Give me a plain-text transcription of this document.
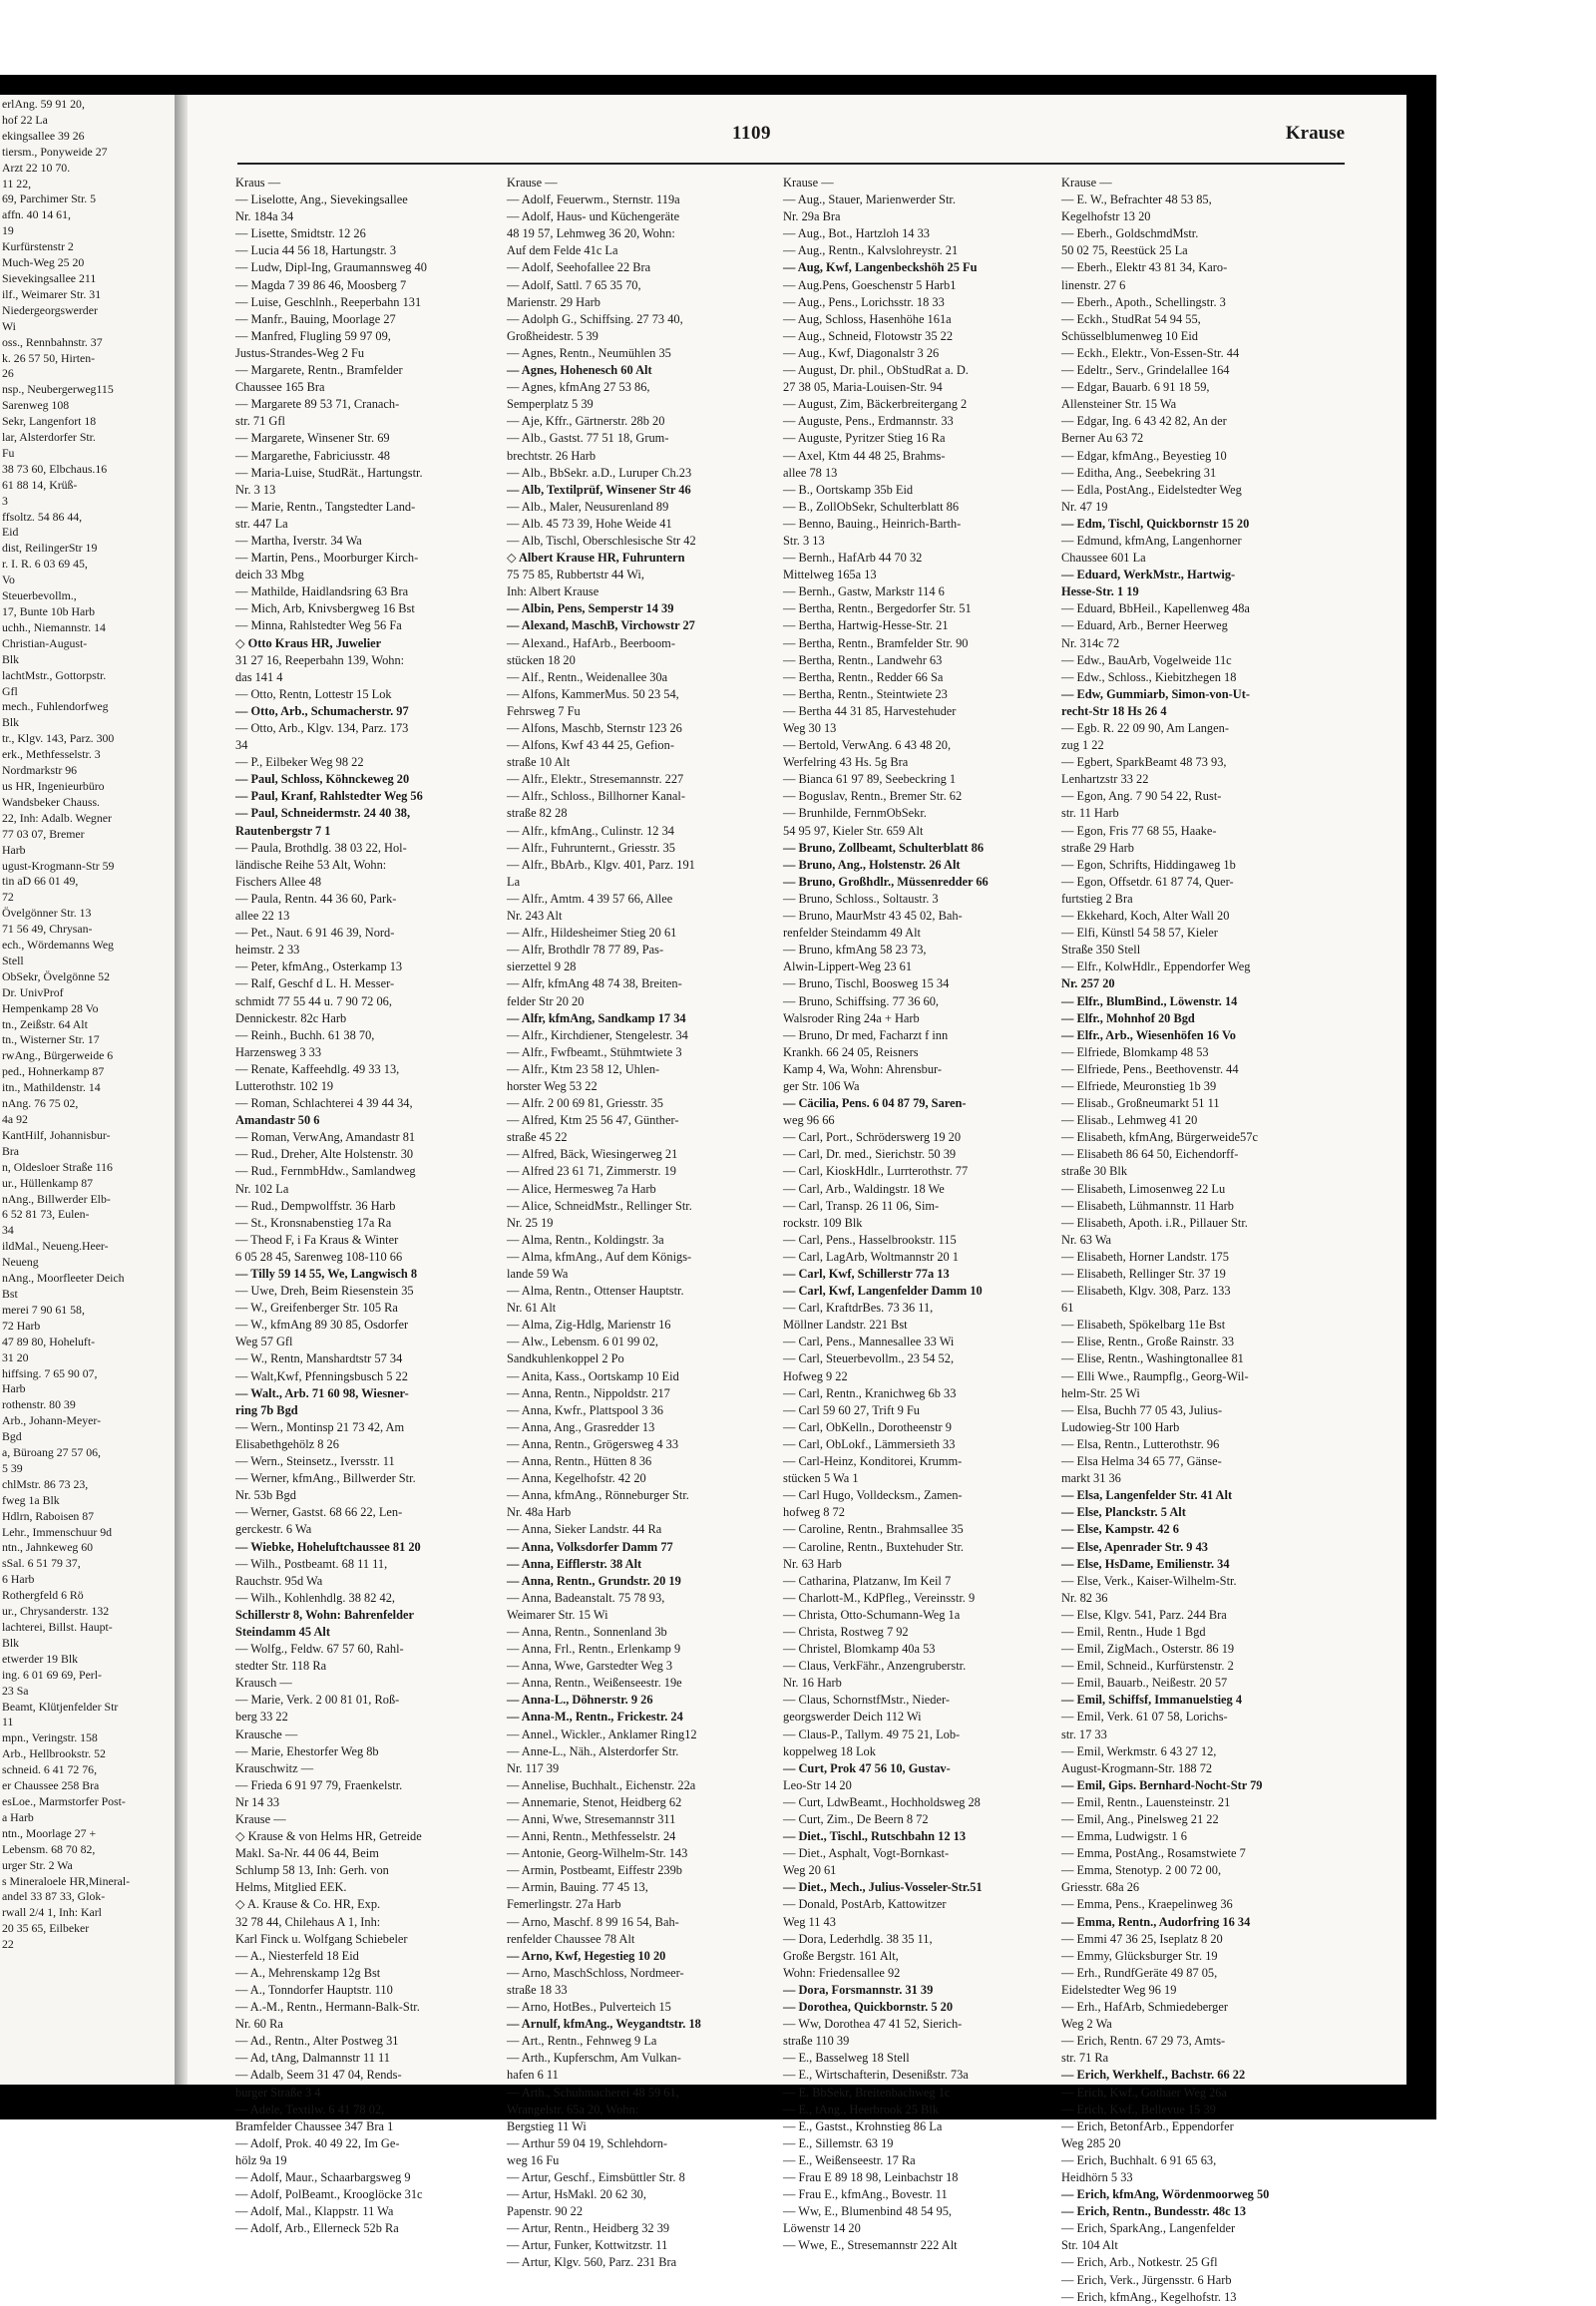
erlAng. 59 91 20,
hof 22 La
ekingsallee 39 26
tiersm., Ponyweide 27
Arzt 22 10 70.
11 22,
69, Parchimer Str. 5
affn. 40 14 61,
19
Kurfürstenstr 2
Much-Weg 25 20
Sievekingsallee 211
ilf., Weimarer Str. 31
Niedergeorgswerder
Wi
oss., Rennbahnstr. 37
k. 26 57 50, Hirten-
26
nsp., Neubergerweg115
Sarenweg 108
Sekr, Langenfort 18
lar, Alsterdorfer Str.
Fu
38 73 60, Elbchaus.16
61 88 14, Krüß-
3
ffsoltz. 54 86 44,
Eid
dist, ReilingerStr 19
r. I. R. 6 03 69 45,
Vo
Steuerbevollm.,
17, Bunte 10b Harb
uchh., Niemannstr. 14
Christian-August-
Blk
lachtMstr., Gottorpstr.
Gfl
mech., Fuhlendorfweg
Blk
tr., Klgv. 143, Parz. 300
erk., Methfesselstr. 3
Nordmarkstr 96
us HR, Ingenieurbüro
Wandsbeker Chauss.
22, Inh: Adalb. Wegner
77 03 07, Bremer
Harb
ugust-Krogmann-Str 59
tin aD 66 01 49,
72
Övelgönner Str. 13
71 56 49, Chrysan-
ech., Wördemanns Weg
Stell
ObSekr, Övelgönne 52
Dr. UnivProf
Hempenkamp 28 Vo
tn., Zeißstr. 64 Alt
tn., Wisterner Str. 17
rwAng., Bürgerweide 6
ped., Hohnerkamp 87
itn., Mathildenstr. 14
nAng. 76 75 02,
4a 92
KantHilf, Johannisbur-
Bra
n, Oldesloer Straße 116
ur., Hüllenkamp 87
nAng., Billwerder Elb-
6 52 81 73, Eulen-
34
ildMal., Neueng.Heer-
Neueng
nAng., Moorfleeter Deich
Bst
merei 7 90 61 58,
72 Harb
47 89 80, Hoheluft-
31 20
hiffsing. 7 65 90 07,
Harb
rothenstr. 80 39
Arb., Johann-Meyer-
Bgd
a, Büroang 27 57 06,
5 39
chlMstr. 86 73 23,
fweg 1a Blk
Hdlrn, Raboisen 87
Lehr., Immenschuur 9d
ntn., Jahnkeweg 60
sSal. 6 51 79 37,
6 Harb
Rothergfeld 6 Rö
ur., Chrysanderstr. 132
lachterei, Billst. Haupt-
Blk
etwerder 19 Blk
ing. 6 01 69 69, Perl-
23 Sa
Beamt, Klütjenfelder Str
11
mpn., Veringstr. 158
Arb., Hellbrookstr. 52
schneid. 6 41 72 76,
er Chaussee 258 Bra
esLoe., Marmstorfer Post-
a Harb
ntn., Moorlage 27 +
Lebensm. 68 70 82,
urger Str. 2 Wa
s Mineraloele HR,Mineral-
andel 33 87 33, Glok-
rwall 2/4 1, Inh: Karl
20 35 65, Eilbeker
22
1109	Krause
Kraus —
— Liselotte, Ang., Sievekingsallee
Nr. 184a 34
— Lisette, Smidtstr. 12 26
— Lucia 44 56 18, Hartungstr. 3
— Ludw, Dipl-Ing, Graumannsweg 40
— Magda 7 39 86 46, Moosberg 7
— Luise, Geschlnh., Reeperbahn 131
— Manfr., Bauing, Moorlage 27
— Manfred, Flugling 59 97 09,
Justus-Strandes-Weg 2 Fu
— Margarete, Rentn., Bramfelder
Chaussee 165 Bra
— Margarete 89 53 71, Cranach-
str. 71 Gfl
— Margarete, Winsener Str. 69
— Margarethe, Fabriciusstr. 48
— Maria-Luise, StudRät., Hartungstr.
Nr. 3 13
— Marie, Rentn., Tangstedter Land-
str. 447 La
— Martha, Iverstr. 34 Wa
— Martin, Pens., Moorburger Kirch-
deich 33 Mbg
— Mathilde, Haidlandsring 63 Bra
— Mich, Arb, Knivsbergweg 16 Bst
— Minna, Rahlstedter Weg 56 Fa
◇ Otto Kraus HR, Juwelier
31 27 16, Reeperbahn 139, Wohn:
das 141 4
— Otto, Rentn, Lottestr 15 Lok
— Otto, Arb., Schumacherstr. 97
— Otto, Arb., Klgv. 134, Parz. 173
34
— P., Eilbeker Weg 98 22
— Paul, Schloss, Köhnckeweg 20
— Paul, Kranf, Rahlstedter Weg 56
— Paul, Schneidermstr. 24 40 38,
Rautenbergstr 7 1
— Paula, Brothdlg. 38 03 22, Hol-
ländische Reihe 53 Alt, Wohn:
Fischers Allee 48
— Paula, Rentn. 44 36 60, Park-
allee 22 13
— Pet., Naut. 6 91 46 39, Nord-
heimstr. 2 33
— Peter, kfmAng., Osterkamp 13
— Ralf, Geschf d L. H. Messer-
schmidt 77 55 44 u. 7 90 72 06,
Dennickestr. 82c Harb
— Reinh., Buchh. 61 38 70,
Harzensweg 3 33
— Renate, Kaffeehdlg. 49 33 13,
Lutterothstr. 102 19
— Roman, Schlachterei 4 39 44 34,
Amandastr 50 6
— Roman, VerwAng, Amandastr 81
— Rud., Dreher, Alte Holstenstr. 30
— Rud., FernmbHdw., Samlandweg
Nr. 102 La
— Rud., Dempwolffstr. 36 Harb
— St., Kronsnabenstieg 17a Ra
— Theod F, i Fa Kraus & Winter
6 05 28 45, Sarenweg 108-110 66
— Tilly 59 14 55, We, Langwisch 8
— Uwe, Dreh, Beim Riesenstein 35
— W., Greifenberger Str. 105 Ra
— W., kfmAng 89 30 85, Osdorfer
Weg 57 Gfl
— W., Rentn, Manshardtstr 57 34
— Walt,Kwf, Pfenningsbusch 5 22
— Walt., Arb. 71 60 98, Wiesner-
ring 7b Bgd
— Wern., Montinsp 21 73 42, Am
Elisabethgehölz 8 26
— Wern., Steinsetz., Iversstr. 11
— Werner, kfmAng., Billwerder Str.
Nr. 53b Bgd
— Werner, Gastst. 68 66 22, Len-
gerckestr. 6 Wa
— Wiebke, Hoheluftchaussee 81 20
— Wilh., Postbeamt. 68 11 11,
Rauchstr. 95d Wa
— Wilh., Kohlenhdlg. 38 82 42,
Schillerstr 8, Wohn: Bahrenfelder
Steindamm 45 Alt
— Wolfg., Feldw. 67 57 60, Rahl-
stedter Str. 118 Ra
Krausch —
— Marie, Verk. 2 00 81 01, Roß-
berg 33 22
Krausche —
— Marie, Ehestorfer Weg 8b
Krauschwitz —
— Frieda 6 91 97 79, Fraenkelstr.
Nr 14 33
Krause —
◇ Krause & von Helms HR, Getreide
Makl. Sa-Nr. 44 06 44, Beim
Schlump 58 13, Inh: Gerh. von
Helms, Mitglied EEK.
◇ A. Krause & Co. HR, Exp.
32 78 44, Chilehaus A 1, Inh:
Karl Finck u. Wolfgang Schiebeler
— A., Niesterfeld 18 Eid
— A., Mehrenskamp 12g Bst
— A., Tonndorfer Hauptstr. 110
— A.-M., Rentn., Hermann-Balk-Str.
Nr. 60 Ra
— Ad., Rentn., Alter Postweg 31
— Ad, tAng, Dalmannstr 11 11
— Adalb, Seem 31 47 04, Rends-
burger Straße 3 4
— Adele, Textilw. 6 41 78 02,
Bramfelder Chaussee 347 Bra 1
— Adolf, Prok. 40 49 22, Im Ge-
hölz 9a 19
— Adolf, Maur., Schaarbargsweg 9
— Adolf, PolBeamt., Krooglöcke 31c
— Adolf, Mal., Klappstr. 11 Wa
— Adolf, Arb., Ellerneck 52b Ra
Krause —
— Adolf, Feuerwm., Sternstr. 119a
— Adolf, Haus- und Küchengeräte
48 19 57, Lehmweg 36 20, Wohn:
Auf dem Felde 41c La
— Adolf, Seehofallee 22 Bra
— Adolf, Sattl. 7 65 35 70,
Marienstr. 29 Harb
— Adolph G., Schiffsing. 27 73 40,
Großheidestr. 5 39
— Agnes, Rentn., Neumühlen 35
— Agnes, Hohenesch 60 Alt
— Agnes, kfmAng 27 53 86,
Semperplatz 5 39
— Aje, Kffr., Gärtnerstr. 28b 20
— Alb., Gastst. 77 51 18, Grum-
brechtstr. 26 Harb
— Alb., BbSekr. a.D., Luruper Ch.23
— Alb, Textilprüf, Winsener Str 46
— Alb., Maler, Neusurenland 89
— Alb. 45 73 39, Hohe Weide 41
— Alb, Tischl, Oberschlesische Str 42
◇ Albert Krause HR, Fuhruntern
75 75 85, Rubbertstr 44 Wi,
Inh: Albert Krause
— Albin, Pens, Semperstr 14 39
— Alexand, MaschB, Virchowstr 27
— Alexand., HafArb., Beerboom-
stücken 18 20
— Alf., Rentn., Weidenallee 30a
— Alfons, KammerMus. 50 23 54,
Fehrsweg 7 Fu
— Alfons, Maschb, Sternstr 123 26
— Alfons, Kwf 43 44 25, Gefion-
straße 10 Alt
— Alfr., Elektr., Stresemannstr. 227
— Alfr., Schloss., Billhorner Kanal-
straße 82 28
— Alfr., kfmAng., Culinstr. 12 34
— Alfr., Fuhrunternt., Griesstr. 35
— Alfr., BbArb., Klgv. 401, Parz. 191
La
— Alfr., Amtm. 4 39 57 66, Allee
Nr. 243 Alt
— Alfr., Hildesheimer Stieg 20 61
— Alfr, Brothdlr 78 77 89, Pas-
sierzettel 9 28
— Alfr, kfmAng 48 74 38, Breiten-
felder Str 20 20
— Alfr, kfmAng, Sandkamp 17 34
— Alfr., Kirchdiener, Stengelestr. 34
— Alfr., Fwfbeamt., Stühmtwiete 3
— Alfr., Ktm 23 58 12, Uhlen-
horster Weg 53 22
— Alfr. 2 00 69 81, Griesstr. 35
— Alfred, Ktm 25 56 47, Günther-
straße 45 22
— Alfred, Bäck, Wiesingerweg 21
— Alfred 23 61 71, Zimmerstr. 19
— Alice, Hermesweg 7a Harb
— Alice, SchneidMstr., Rellinger Str.
Nr. 25 19
— Alma, Rentn., Koldingstr. 3a
— Alma, kfmAng., Auf dem Königs-
lande 59 Wa
— Alma, Rentn., Ottenser Hauptstr.
Nr. 61 Alt
— Alma, Zig-Hdlg, Marienstr 16
— Alw., Lebensm. 6 01 99 02,
Sandkuhlenkoppel 2 Po
— Anita, Kass., Oortskamp 10 Eid
— Anna, Rentn., Nippoldstr. 217
— Anna, Kwfr., Plattspool 3 36
— Anna, Ang., Grasredder 13
— Anna, Rentn., Grögersweg 4 33
— Anna, Rentn., Hütten 8 36
— Anna, Kegelhofstr. 42 20
— Anna, kfmAng., Rönneburger Str.
Nr. 48a Harb
— Anna, Sieker Landstr. 44 Ra
— Anna, Volksdorfer Damm 77
— Anna, Eifflerstr. 38 Alt
— Anna, Rentn., Grundstr. 20 19
— Anna, Badeanstalt. 75 78 93,
Weimarer Str. 15 Wi
— Anna, Rentn., Sonnenland 3b
— Anna, Frl., Rentn., Erlenkamp 9
— Anna, Wwe, Garstedter Weg 3
— Anna, Rentn., Weißenseestr. 19e
— Anna-L., Döhnerstr. 9 26
— Anna-M., Rentn., Frickestr. 24
— Annel., Wickler., Anklamer Ring12
— Anne-L., Näh., Alsterdorfer Str.
Nr. 117 39
— Annelise, Buchhalt., Eichenstr. 22a
— Annemarie, Stenot, Heidberg 62
— Anni, Wwe, Stresemannstr 311
— Anni, Rentn., Methfesselstr. 24
— Antonie, Georg-Wilhelm-Str. 143
— Armin, Postbeamt, Eiffestr 239b
— Armin, Bauing. 77 45 13,
Femerlingstr. 27a Harb
— Arno, Maschf. 8 99 16 54, Bah-
renfelder Chaussee 78 Alt
— Arno, Kwf, Hegestieg 10 20
— Arno, MaschSchloss, Nordmeer-
straße 18 33
— Arno, HotBes., Pulverteich 15
— Arnulf, kfmAng., Weygandtstr. 18
— Art., Rentn., Fehnweg 9 La
— Arth., Kupferschm, Am Vulkan-
hafen 6 11
— Arth., Schuhmacherei 48 59 61,
Wrangelstr. 65a 20, Wohn:
Bergstieg 11 Wi
— Arthur 59 04 19, Schlehdorn-
weg 16 Fu
— Artur, Geschf., Eimsbüttler Str. 8
— Artur, HsMakl. 20 62 30,
Papenstr. 90 22
— Artur, Rentn., Heidberg 32 39
— Artur, Funker, Kottwitzstr. 11
— Artur, Klgv. 560, Parz. 231 Bra
Krause —
— Aug., Stauer, Marienwerder Str.
Nr. 29a Bra
— Aug., Bot., Hartzloh 14 33
— Aug., Rentn., Kalvslohreystr. 21
— Aug, Kwf, Langenbeckshöh 25 Fu
— Aug.Pens, Goeschenstr 5 Harb1
— Aug., Pens., Lorichsstr. 18 33
— Aug, Schloss, Hasenhöhe 161a
— Aug., Schneid, Flotowstr 35 22
— Aug., Kwf, Diagonalstr 3 26
— August, Dr. phil., ObStudRat a. D.
27 38 05, Maria-Louisen-Str. 94
— August, Zim, Bäckerbreitergang 2
— Auguste, Pens., Erdmannstr. 33
— Auguste, Pyritzer Stieg 16 Ra
— Axel, Ktm 44 48 25, Brahms-
allee 78 13
— B., Oortskamp 35b Eid
— B., ZollObSekr, Schulterblatt 86
— Benno, Bauing., Heinrich-Barth-
Str. 3 13
— Bernh., HafArb 44 70 32
Mittelweg 165a 13
— Bernh., Gastw, Markstr 114 6
— Bertha, Rentn., Bergedorfer Str. 51
— Bertha, Hartwig-Hesse-Str. 21
— Bertha, Rentn., Bramfelder Str. 90
— Bertha, Rentn., Landwehr 63
— Bertha, Rentn., Redder 66 Sa
— Bertha, Rentn., Steintwiete 23
— Bertha 44 31 85, Harvestehuder
Weg 30 13
— Bertold, VerwAng. 6 43 48 20,
Werfelring 43 Hs. 5g Bra
— Bianca 61 97 89, Seebeckring 1
— Boguslav, Rentn., Bremer Str. 62
— Brunhilde, FernmObSekr.
54 95 97, Kieler Str. 659 Alt
— Bruno, Zollbeamt, Schulterblatt 86
— Bruno, Ang., Holstenstr. 26 Alt
— Bruno, Großhdlr., Müssenredder 66
— Bruno, Schloss., Soltaustr. 3
— Bruno, MaurMstr 43 45 02, Bah-
renfelder Steindamm 49 Alt
— Bruno, kfmAng 58 23 73,
Alwin-Lippert-Weg 23 61
— Bruno, Tischl, Boosweg 15 34
— Bruno, Schiffsing. 77 36 60,
Walsroder Ring 24a + Harb
— Bruno, Dr med, Facharzt f inn
Krankh. 66 24 05, Reisners
Kamp 4, Wa, Wohn: Ahrensbur-
ger Str. 106 Wa
— Cäcilia, Pens. 6 04 87 79, Saren-
weg 96 66
— Carl, Port., Schröderswerg 19 20
— Carl, Dr. med., Sierichstr. 50 39
— Carl, KioskHdlr., Lurrterothstr. 77
— Carl, Arb., Waldingstr. 18 We
— Carl, Transp. 26 11 06, Sim-
rockstr. 109 Blk
— Carl, Pens., Hasselbrookstr. 115
— Carl, LagArb, Woltmannstr 20 1
— Carl, Kwf, Schillerstr 77a 13
— Carl, Kwf, Langenfelder Damm 10
— Carl, KraftdrBes. 73 36 11,
Möllner Landstr. 221 Bst
— Carl, Pens., Mannesallee 33 Wi
— Carl, Steuerbevollm., 23 54 52,
Hofweg 9 22
— Carl, Rentn., Kranichweg 6b 33
— Carl 59 60 27, Trift 9 Fu
— Carl, ObKelln., Dorotheenstr 9
— Carl, ObLokf., Lämmersieth 33
— Carl-Heinz, Konditorei, Krumm-
stücken 5 Wa 1
— Carl Hugo, Volldecksm., Zamen-
hofweg 8 72
— Caroline, Rentn., Brahmsallee 35
— Caroline, Rentn., Buxtehuder Str.
Nr. 63 Harb
— Catharina, Platzanw, Im Keil 7
— Charlott-M., KdPfleg., Vereinsstr. 9
— Christa, Otto-Schumann-Weg 1a
— Christa, Rostweg 7 92
— Christel, Blomkamp 40a 53
— Claus, VerkFähr., Anzengruberstr.
Nr. 16 Harb
— Claus, SchornstfMstr., Nieder-
georgswerder Deich 112 Wi
— Claus-P., Tallym. 49 75 21, Lob-
koppelweg 18 Lok
— Curt, Prok 47 56 10, Gustav-
Leo-Str 14 20
— Curt, LdwBeamt., Hochholdsweg 28
— Curt, Zim., De Beern 8 72
— Diet., Tischl., Rutschbahn 12 13
— Diet., Asphalt, Vogt-Bornkast-
Weg 20 61
— Diet., Mech., Julius-Vosseler-Str.51
— Donald, PostArb, Kattowitzer
Weg 11 43
— Dora, Lederhdlg. 38 35 11,
Große Bergstr. 161 Alt,
Wohn: Friedensallee 92
— Dora, Forsmannstr. 31 39
— Dorothea, Quickbornstr. 5 20
— Ww, Dorothea 47 41 52, Sierich-
straße 110 39
— E., Basselweg 18 Stell
— E., Wirtschafterin, Desenißstr. 73a
— E. BbSekr, Breitenbachweg 1c
— E., tAng., Heerbrook 25 Blk
— E., Gastst., Krohnstieg 86 La
— E., Sillemstr. 63 19
— E., Weißenseestr. 17 Ra
— Frau E 89 18 98, Leinbachstr 18
— Frau E., kfmAng., Bovestr. 11
— Ww, E., Blumenbind 48 54 95,
Löwenstr 14 20
— Wwe, E., Stresemannstr 222 Alt
Krause —
— E. W., Befrachter 48 53 85,
Kegelhofstr 13 20
— Eberh., GoldschmdMstr.
50 02 75, Reestück 25 La
— Eberh., Elektr 43 81 34, Karo-
linenstr. 27 6
— Eberh., Apoth., Schellingstr. 3
— Eckh., StudRat 54 94 55,
Schüsselblumenweg 10 Eid
— Eckh., Elektr., Von-Essen-Str. 44
— Edeltr., Serv., Grindelallee 164
— Edgar, Bauarb. 6 91 18 59,
Allensteiner Str. 15 Wa
— Edgar, Ing. 6 43 42 82, An der
Berner Au 63 72
— Edgar, kfmAng., Beyestieg 10
— Editha, Ang., Seebekring 31
— Edla, PostAng., Eidelstedter Weg
Nr. 47 19
— Edm, Tischl, Quickbornstr 15 20
— Edmund, kfmAng, Langenhorner
Chaussee 601 La
— Eduard, WerkMstr., Hartwig-
Hesse-Str. 1 19
— Eduard, BbHeil., Kapellenweg 48a
— Eduard, Arb., Berner Heerweg
Nr. 314c 72
— Edw., BauArb, Vogelweide 11c
— Edw., Schloss., Kiebitzhegen 18
— Edw, Gummiarb, Simon-von-Ut-
recht-Str 18 Hs 26 4
— Egb. R. 22 09 90, Am Langen-
zug 1 22
— Egbert, SparkBeamt 48 73 93,
Lenhartzstr 33 22
— Egon, Ang. 7 90 54 22, Rust-
str. 11 Harb
— Egon, Fris 77 68 55, Haake-
straße 29 Harb
— Egon, Schrifts, Hiddingaweg 1b
— Egon, Offsetdr. 61 87 74, Quer-
furtstieg 2 Bra
— Ekkehard, Koch, Alter Wall 20
— Elfi, Künstl 54 58 57, Kieler
Straße 350 Stell
— Elfr., KolwHdlr., Eppendorfer Weg
Nr. 257 20
— Elfr., BlumBind., Löwenstr. 14
— Elfr., Mohnhof 20 Bgd
— Elfr., Arb., Wiesenhöfen 16 Vo
— Elfriede, Blomkamp 48 53
— Elfriede, Pens., Beethovenstr. 44
— Elfriede, Meuronstieg 1b 39
— Elisab., Großneumarkt 51 11
— Elisab., Lehmweg 41 20
— Elisabeth, kfmAng, Bürgerweide57c
— Elisabeth 86 64 50, Eichendorff-
straße 30 Blk
— Elisabeth, Limosenweg 22 Lu
— Elisabeth, Lühmannstr. 11 Harb
— Elisabeth, Apoth. i.R., Pillauer Str.
Nr. 63 Wa
— Elisabeth, Horner Landstr. 175
— Elisabeth, Rellinger Str. 37 19
— Elisabeth, Klgv. 308, Parz. 133
61
— Elisabeth, Spökelbarg 11e Bst
— Elise, Rentn., Große Rainstr. 33
— Elise, Rentn., Washingtonallee 81
— Elli Wwe., Raumpflg., Georg-Wil-
helm-Str. 25 Wi
— Elsa, Buchh 77 05 43, Julius-
Ludowieg-Str 100 Harb
— Elsa, Rentn., Lutterothstr. 96
— Elsa Helma 34 65 77, Gänse-
markt 31 36
— Elsa, Langenfelder Str. 41 Alt
— Else, Planckstr. 5 Alt
— Else, Kampstr. 42 6
— Else, Apenrader Str. 9 43
— Else, HsDame, Emilienstr. 34
— Else, Verk., Kaiser-Wilhelm-Str.
Nr. 82 36
— Else, Klgv. 541, Parz. 244 Bra
— Emil, Rentn., Hude 1 Bgd
— Emil, ZigMach., Osterstr. 86 19
— Emil, Schneid., Kurfürstenstr. 2
— Emil, Bauarb., Neißestr. 20 57
— Emil, Schiffsf, Immanuelstieg 4
— Emil, Verk. 61 07 58, Lorichs-
str. 17 33
— Emil, Werkmstr. 6 43 27 12,
August-Krogmann-Str. 188 72
— Emil, Gips. Bernhard-Nocht-Str 79
— Emil, Rentn., Lauensteinstr. 21
— Emil, Ang., Pinelsweg 21 22
— Emma, Ludwigstr. 1 6
— Emma, PostAng., Rosamstwiete 7
— Emma, Stenotyp. 2 00 72 00,
Griesstr. 68a 26
— Emma, Pens., Kraepelinweg 36
— Emma, Rentn., Audorfring 16 34
— Emmi 47 36 25, Iseplatz 8 20
— Emmy, Glücksburger Str. 19
— Erh., RundfGeräte 49 87 05,
Eidelstedter Weg 96 19
— Erh., HafArb, Schmiedeberger
Weg 2 Wa
— Erich, Rentn. 67 29 73, Amts-
str. 71 Ra
— Erich, Werkhelf., Bachstr. 66 22
— Erich, Kwf., Gothaer Weg 26a
— Erich, Kwf., Bellevue 15 39
— Erich, BetonfArb., Eppendorfer
Weg 285 20
— Erich, Buchhalt. 6 91 65 63,
Heidhörn 5 33
— Erich, kfmAng, Wördenmoorweg 50
— Erich, Rentn., Bundesstr. 48c 13
— Erich, SparkAng., Langenfelder
Str. 104 Alt
— Erich, Arb., Notkestr. 25 Gfl
— Erich, Verk., Jürgensstr. 6 Harb
— Erich, kfmAng., Kegelhofstr. 13
